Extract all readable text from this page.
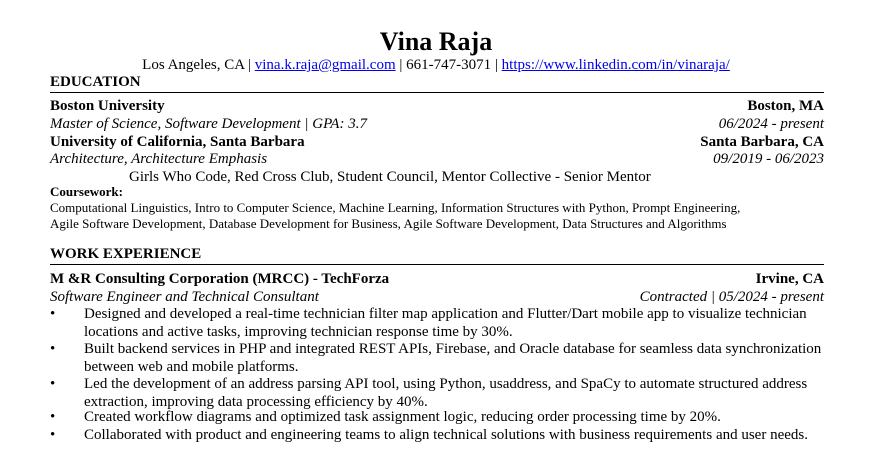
Vina Raja
Los Angeles, CA | vina.k.raja@gmail.com | 661-747-3071 | https://www.linkedin.com/in/vinaraja/
EDUCATION
Boston University	Boston, MA
Master of Science, Software Development | GPA: 3.7	06/2024 - present
University of California, Santa Barbara	Santa Barbara, CA
Architecture, Architecture Emphasis	09/2019 - 06/2023
Girls Who Code, Red Cross Club, Student Council, Mentor Collective - Senior Mentor
Coursework:
Computational Linguistics, Intro to Computer Science, Machine Learning, Information Structures with Python, Prompt Engineering,
Agile Software Development, Database Development for Business, Agile Software Development, Data Structures and Algorithms
WORK EXPERIENCE
M &R Consulting Corporation (MRCC) - TechForza	Irvine, CA
Software Engineer and Technical Consultant	Contracted | 05/2024 - present
• Designed and developed a real-time technician filter map application and Flutter/Dart mobile app to visualize technician locations and active tasks, improving technician response time by 30%.
• Built backend services in PHP and integrated REST APIs, Firebase, and Oracle database for seamless data synchronization between web and mobile platforms.
• Led the development of an address parsing API tool, using Python, usaddress, and SpaCy to automate structured address extraction, improving data processing efficiency by 40%.
• Created workflow diagrams and optimized task assignment logic, reducing order processing time by 20%.
• Collaborated with product and engineering teams to align technical solutions with business requirements and user needs.
